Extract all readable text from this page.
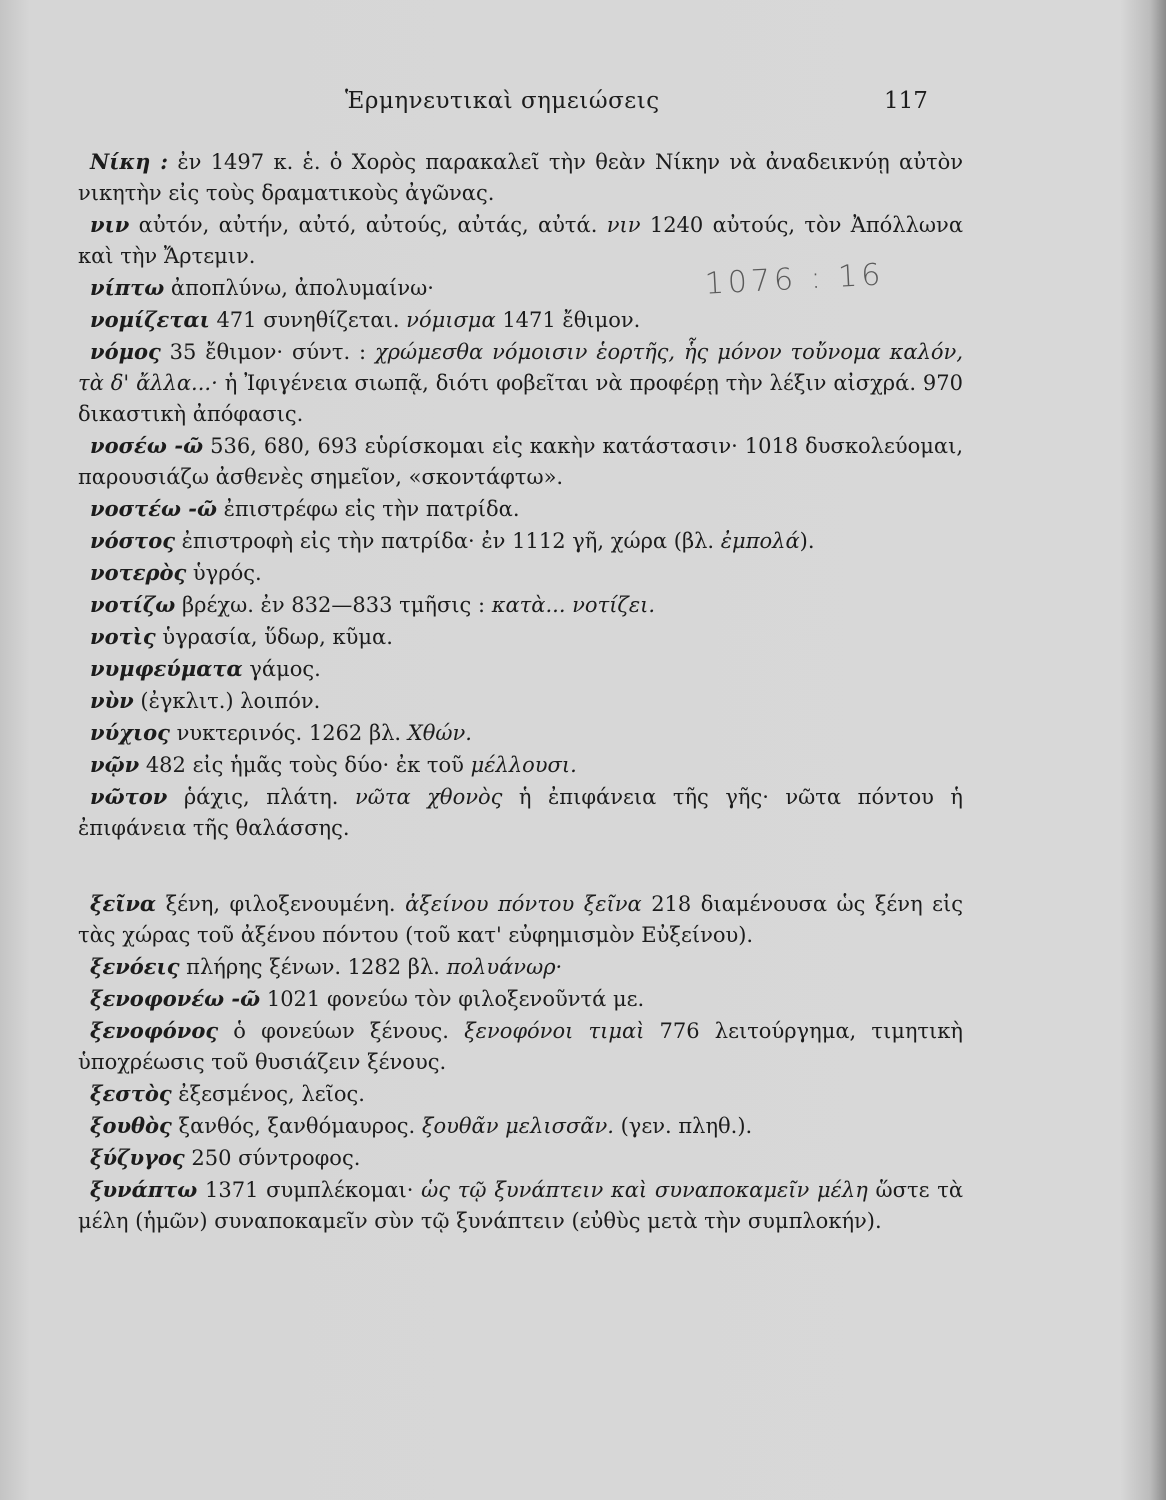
Ἑρμηνευτικαὶ σημειώσεις	117
1076 : 16

Νίκη : ἐν 1497 κ. ἑ. ὁ Χορὸς παρακαλεῖ τὴν θεὰν Νίκην νὰ ἀναδεικνύῃ αὐτὸν νικητὴν εἰς τοὺς δραματικοὺς ἀγῶνας.

νιν αὐτόν, αὐτήν, αὐτό, αὐτούς, αὐτάς, αὐτά. νιν 1240 αὐτούς, τὸν Ἀπόλλωνα καὶ τὴν Ἄρτεμιν.

νίπτω ἀποπλύνω, ἀπολυμαίνω·

νομίζεται 471 συνηθίζεται. νόμισμα 1471 ἔθιμον.

νόμος 35 ἔθιμον· σύντ. : χρώμεσθα νόμοισιν ἑορτῆς, ἧς μόνον τοὔνομα καλόν, τὰ δ' ἄλλα...· ἡ Ἰφιγένεια σιωπᾷ, διότι φοβεῖται νὰ προφέρῃ τὴν λέξιν αἰσχρά. 970 δικαστικὴ ἀπόφασις.

νοσέω -ῶ 536, 680, 693 εὑρίσκομαι εἰς κακὴν κατάστασιν· 1018 δυσκολεύομαι, παρουσιάζω ἀσθενὲς σημεῖον, «σκοντάφτω».

νοστέω -ῶ ἐπιστρέφω εἰς τὴν πατρίδα.

νόστος ἐπιστροφὴ εἰς τὴν πατρίδα· ἐν 1112 γῆ, χώρα (βλ. ἐμπολά).

νοτερὸς ὑγρός.

νοτίζω βρέχω. ἐν 832—833 τμῆσις : κατὰ... νοτίζει.

νοτὶς ὑγρασία, ὕδωρ, κῦμα.

νυμφεύματα γάμος.

νὺν (ἐγκλιτ.) λοιπόν.

νύχιος νυκτερινός. 1262 βλ. Χθών.

νῷν 482 εἰς ἡμᾶς τοὺς δύο· ἐκ τοῦ μέλλουσι.

νῶτον ῥάχις, πλάτη. νῶτα χθονὸς ἡ ἐπιφάνεια τῆς γῆς· νῶτα πόντου ἡ ἐπιφάνεια τῆς θαλάσσης.

ξεῖνα ξένη, φιλοξενουμένη. ἀξείνου πόντου ξεῖνα 218 διαμένουσα ὡς ξένη εἰς τὰς χώρας τοῦ ἀξένου πόντου (τοῦ κατ' εὐφημισμὸν Εὐξείνου).

ξενόεις πλήρης ξένων. 1282 βλ. πολυάνωρ·

ξενοφονέω -ῶ 1021 φονεύω τὸν φιλοξενοῦντά με.

ξενοφόνος ὁ φονεύων ξένους. ξενοφόνοι τιμαὶ 776 λειτούργημα, τιμητικὴ ὑποχρέωσις τοῦ θυσιάζειν ξένους.

ξεστὸς ἐξεσμένος, λεῖος.

ξουθὸς ξανθός, ξανθόμαυρος. ξουθᾶν μελισσᾶν. (γεν. πληθ.).

ξύζυγος 250 σύντροφος.

ξυνάπτω 1371 συμπλέκομαι· ὡς τῷ ξυνάπτειν καὶ συναποκαμεῖν μέλη ὥστε τὰ μέλη (ἡμῶν) συναποκαμεῖν σὺν τῷ ξυνάπτειν (εὐθὺς μετὰ τὴν συμπλοκήν).
